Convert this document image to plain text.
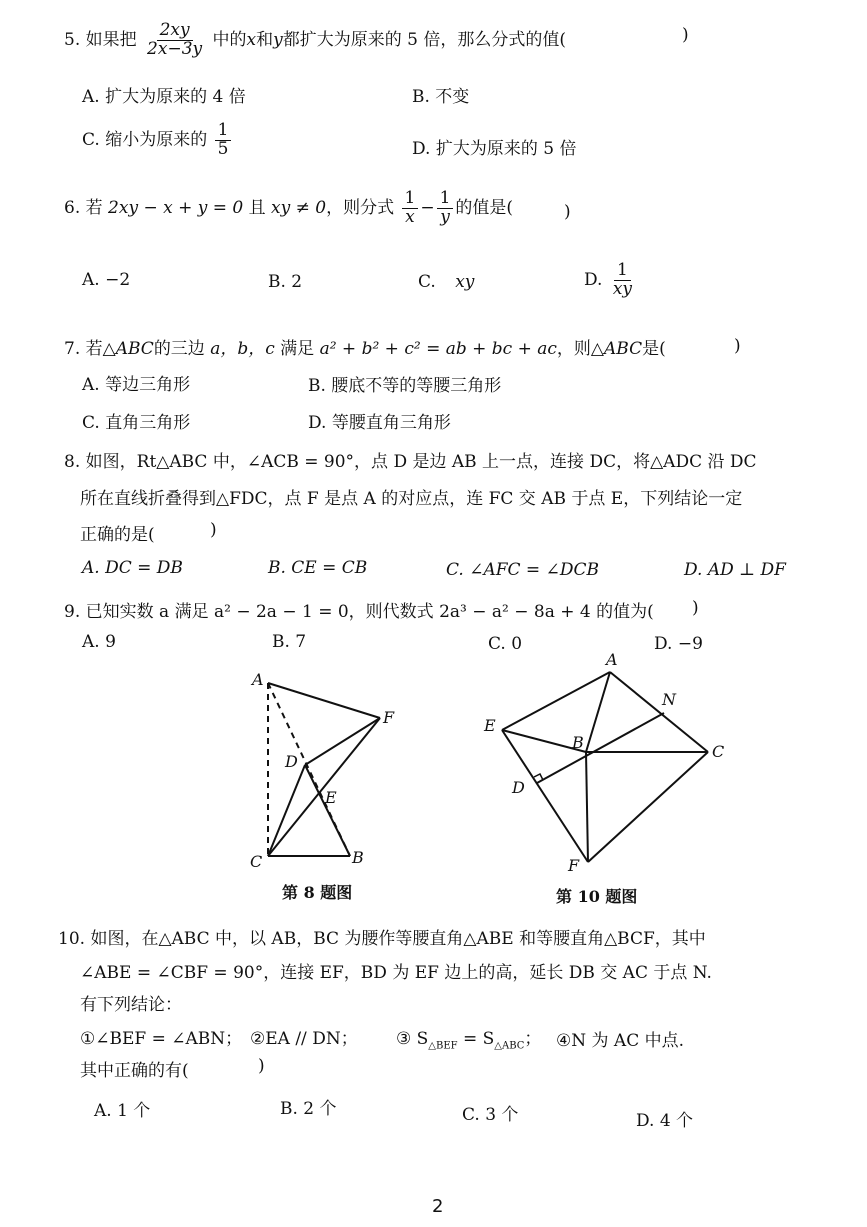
5. 如果把 $\frac{2xy}{2x-3y}$ 中的x和y都扩大为原来的 5 倍，那么分式的值(	)
A. 扩大为原来的 4 倍	B. 不变
C. 缩小为原来的 $\frac{1}{5}$	D. 扩大为原来的 5 倍
6. 若 2xy − x + y = 0 且 xy ≠ 0，则分式 $\frac{1}{x} - \frac{1}{y}$ 的值是(	)
A. −2	B. 2	C. xy	D. $\frac{1}{xy}$
7. 若△ABC的三边 a，b，c 满足 a² + b² + c² = ab + bc + ac，则△ABC是(	)
A. 等边三角形	B. 腰底不等的等腰三角形
C. 直角三角形	D. 等腰直角三角形
8. 如图，Rt△ABC 中，∠ACB = 90°，点 D 是边 AB 上一点，连接 DC，将△ADC 沿 DC
所在直线折叠得到△FDC，点 F 是点 A 的对应点，连 FC 交 AB 于点 E，下列结论一定
正确的是(	)
A. DC = DB	B. CE = CB	C. ∠AFC = ∠DCB	D. AD ⊥ DF
9. 已知实数 a 满足 a² − 2a − 1 = 0，则代数式 2a³ − a² − 8a + 4 的值为( )
A. 9	B. 7	C. 0	D. −9
A
F
D
E
C	B
第 8 题图
A
N
E
B	C
D
F
第 10 题图
10. 如图，在△ABC 中，以 AB，BC 为腰作等腰直角△ABE 和等腰直角△BCF，其中
∠ABE = ∠CBF = 90°，连接 EF，BD 为 EF 边上的高，延长 DB 交 AC 于点 N.
有下列结论：
①∠BEF = ∠ABN； ②EA // DN； ③ $S_{\triangle BEF} = S_{\triangle ABC}$； ④N 为 AC 中点.
其中正确的有(	)
A. 1 个	B. 2 个	C. 3 个	D. 4 个
2
